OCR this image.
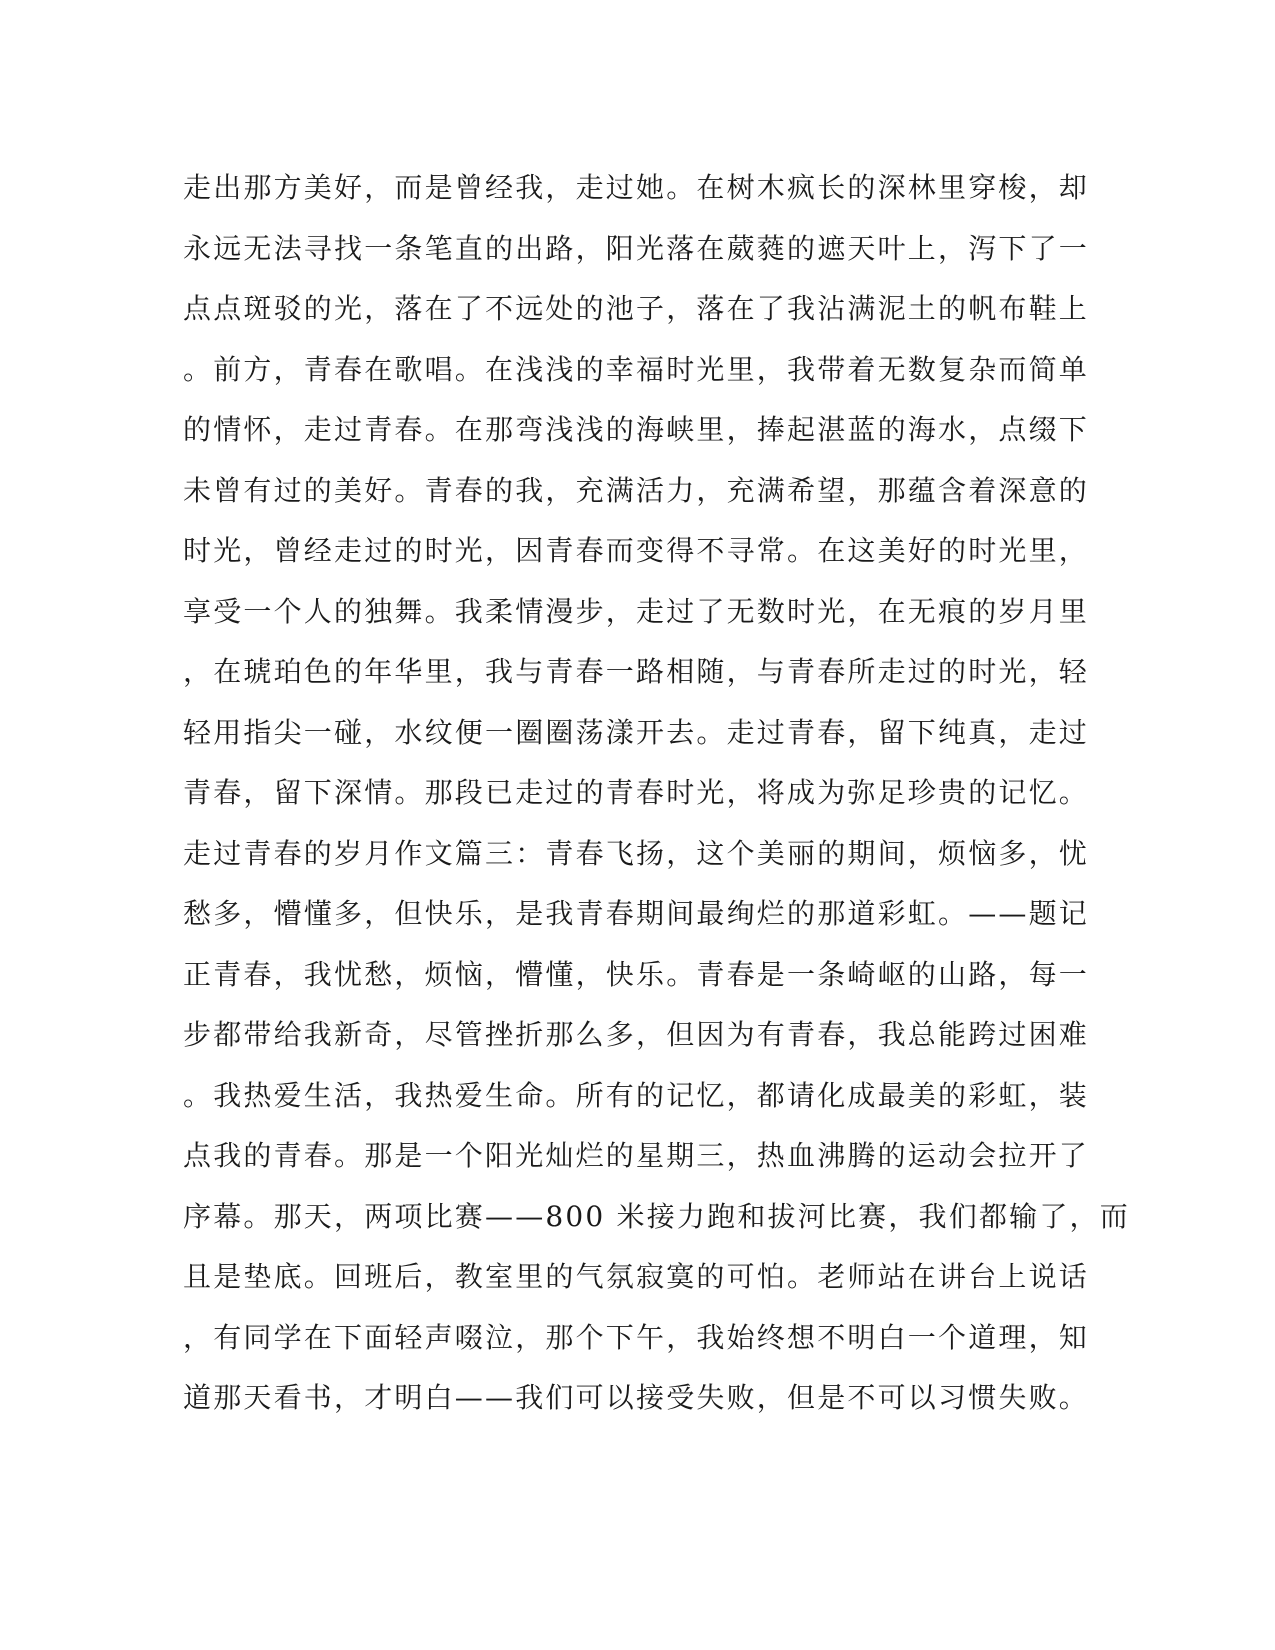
走出那方美好，而是曾经我，走过她。在树木疯长的深林里穿梭，却
永远无法寻找一条笔直的出路，阳光落在葳蕤的遮天叶上，泻下了一
点点斑驳的光，落在了不远处的池子，落在了我沾满泥土的帆布鞋上
。前方，青春在歌唱。在浅浅的幸福时光里，我带着无数复杂而简单
的情怀，走过青春。在那弯浅浅的海峡里，捧起湛蓝的海水，点缀下
未曾有过的美好。青春的我，充满活力，充满希望，那蕴含着深意的
时光，曾经走过的时光，因青春而变得不寻常。在这美好的时光里，
享受一个人的独舞。我柔情漫步，走过了无数时光，在无痕的岁月里
，在琥珀色的年华里，我与青春一路相随，与青春所走过的时光，轻
轻用指尖一碰，水纹便一圈圈荡漾开去。走过青春，留下纯真，走过
青春，留下深情。那段已走过的青春时光，将成为弥足珍贵的记忆。
走过青春的岁月作文篇三：青春飞扬，这个美丽的期间，烦恼多，忧
愁多，懵懂多，但快乐，是我青春期间最绚烂的那道彩虹。——题记
正青春，我忧愁，烦恼，懵懂，快乐。青春是一条崎岖的山路，每一
步都带给我新奇，尽管挫折那么多，但因为有青春，我总能跨过困难
。我热爱生活，我热爱生命。所有的记忆，都请化成最美的彩虹，装
点我的青春。那是一个阳光灿烂的星期三，热血沸腾的运动会拉开了
序幕。那天，两项比赛——800 米接力跑和拔河比赛，我们都输了，而
且是垫底。回班后，教室里的气氛寂寞的可怕。老师站在讲台上说话
，有同学在下面轻声啜泣，那个下午，我始终想不明白一个道理，知
道那天看书，才明白——我们可以接受失败，但是不可以习惯失败。
